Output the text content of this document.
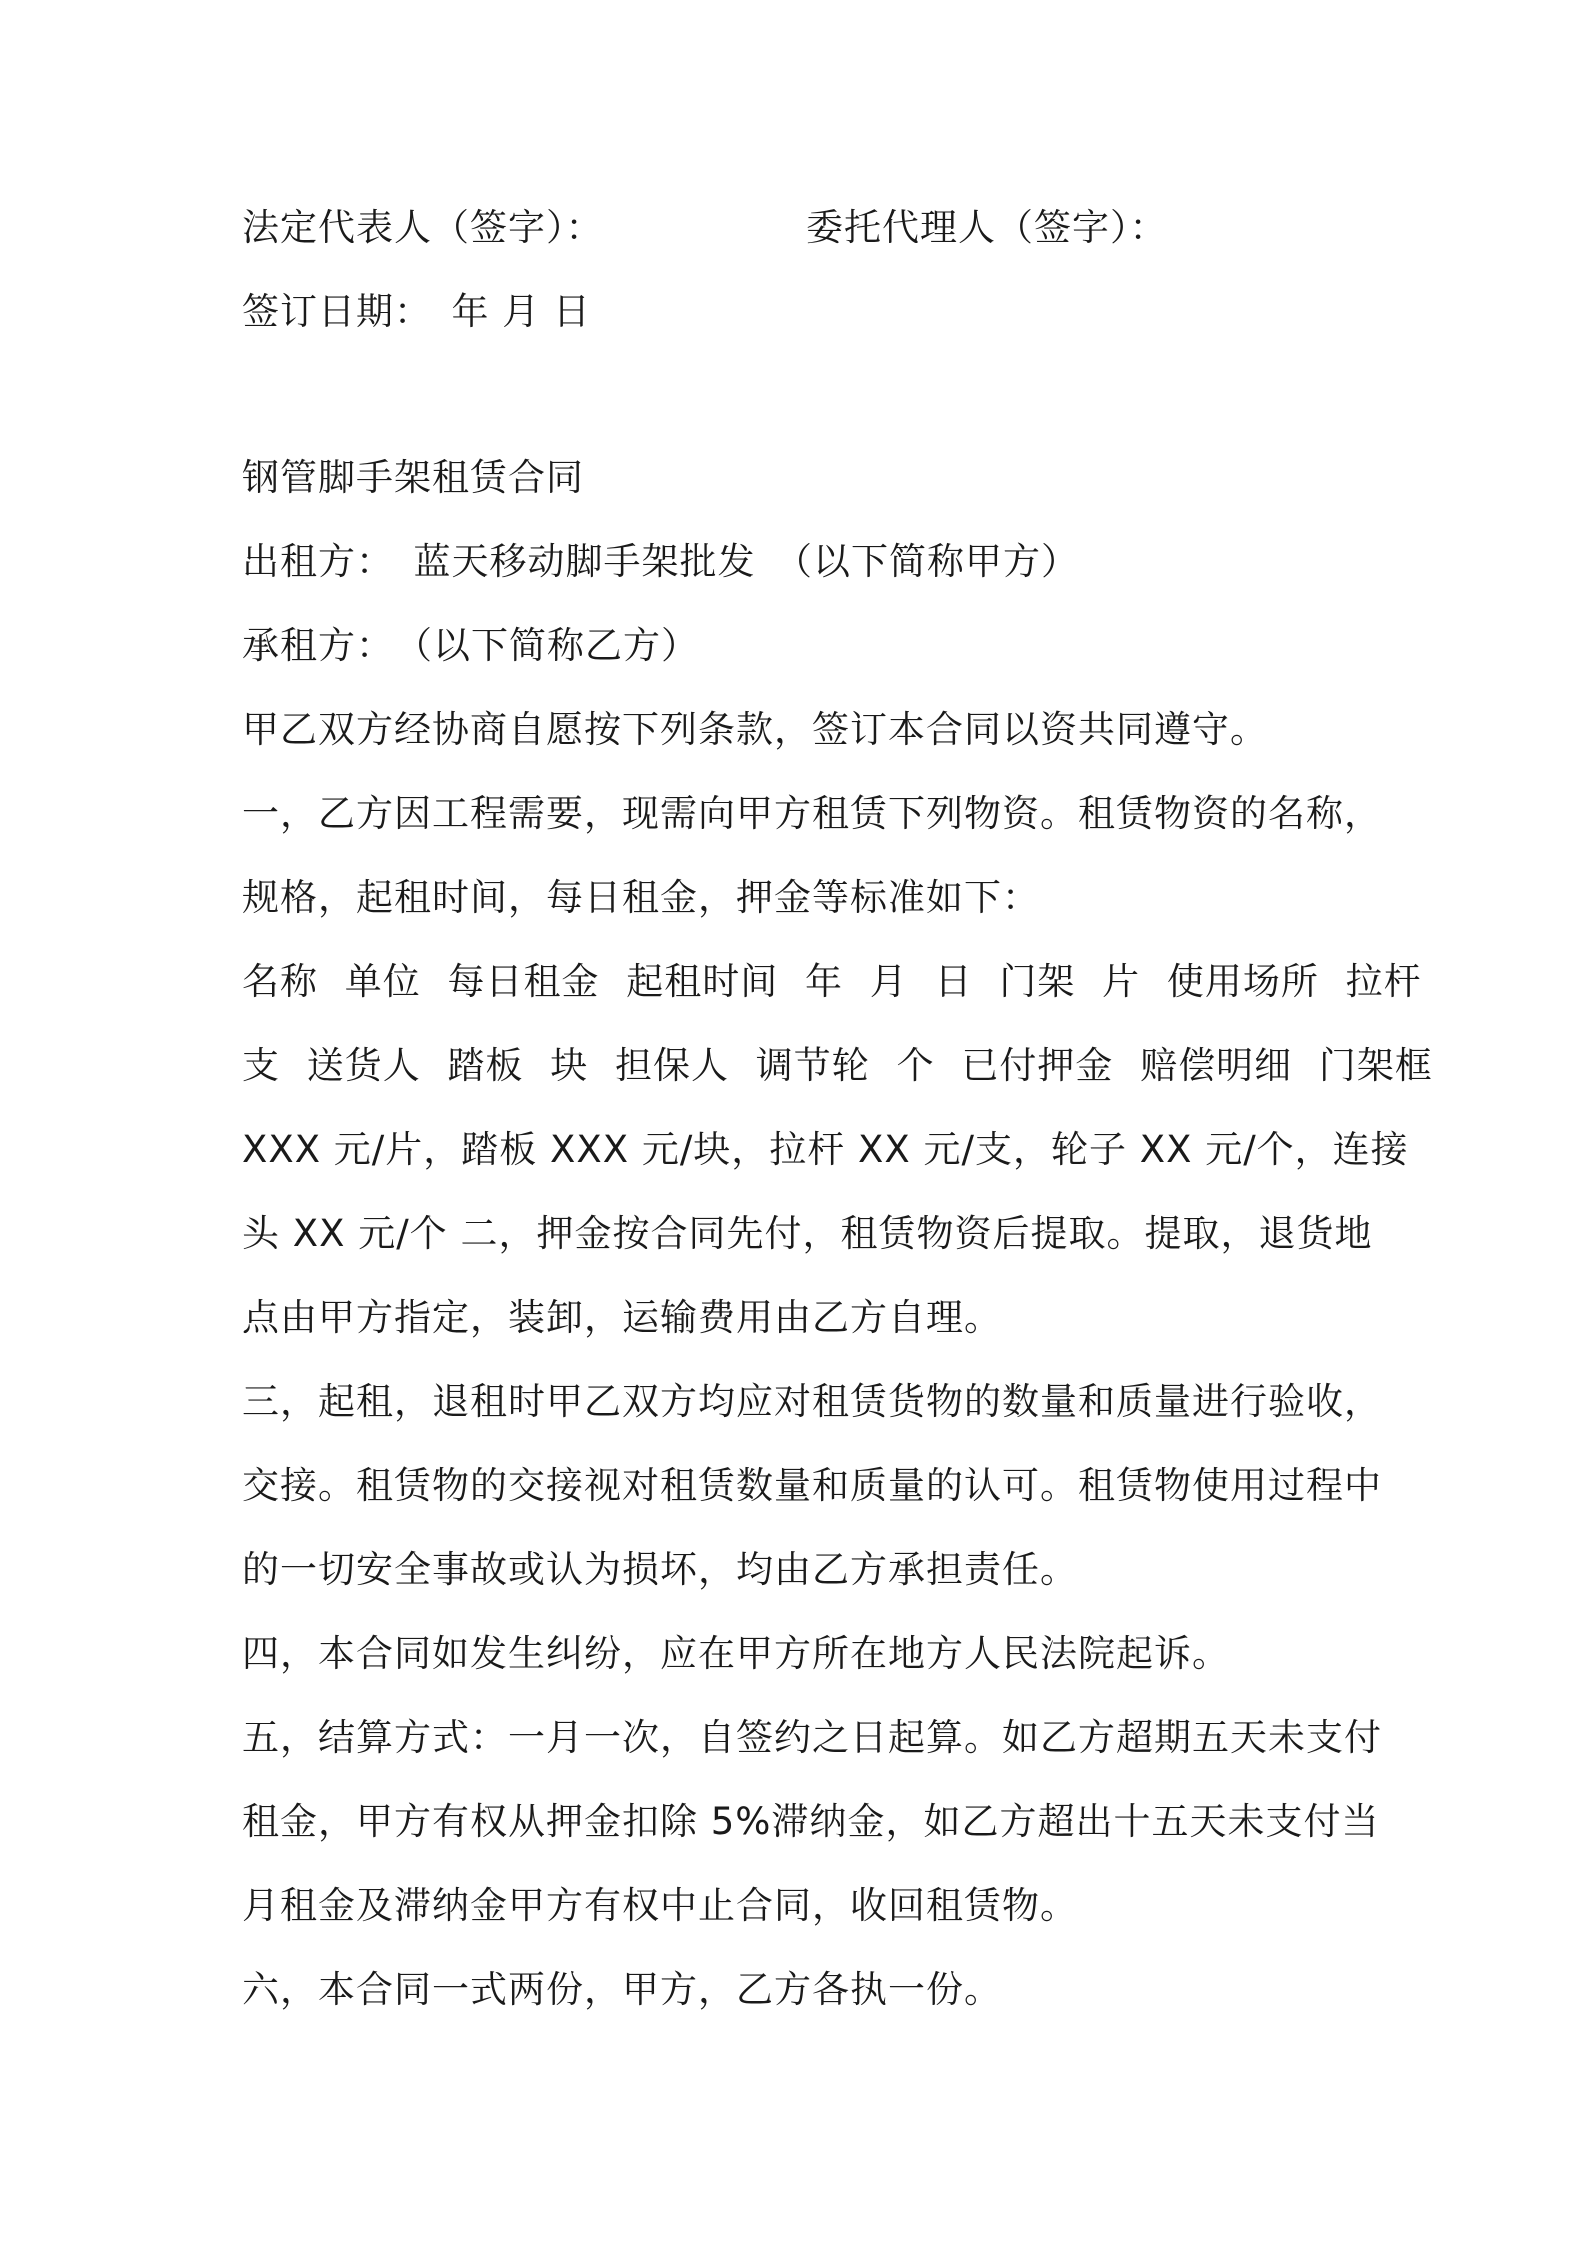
法定代表人（签字）：	委托代理人（签字）：
签订日期：　年 月 日
钢管脚手架租赁合同
出租方：　蓝天移动脚手架批发　（以下简称甲方）
承租方：　（以下简称乙方）
甲乙双方经协商自愿按下列条款，签订本合同以资共同遵守。
一，乙方因工程需要，现需向甲方租赁下列物资。租赁物资的名称，
规格，起租时间，每日租金，押金等标准如下：
名称 单位 每日租金 起租时间 年 月 日 门架 片 使用场所 拉杆
支 送货人 踏板 块 担保人 调节轮 个 已付押金 赔偿明细 门架框
XXX 元/片，踏板 XXX 元/块，拉杆 XX 元/支，轮子 XX 元/个，连接
头 XX 元/个 二，押金按合同先付，租赁物资后提取。提取，退货地
点由甲方指定，装卸，运输费用由乙方自理。
三，起租，退租时甲乙双方均应对租赁货物的数量和质量进行验收，
交接。租赁物的交接视对租赁数量和质量的认可。租赁物使用过程中
的一切安全事故或认为损坏，均由乙方承担责任。
四，本合同如发生纠纷，应在甲方所在地方人民法院起诉。
五，结算方式：一月一次，自签约之日起算。如乙方超期五天未支付
租金，甲方有权从押金扣除 5%滞纳金，如乙方超出十五天未支付当
月租金及滞纳金甲方有权中止合同，收回租赁物。
六，本合同一式两份，甲方，乙方各执一份。
